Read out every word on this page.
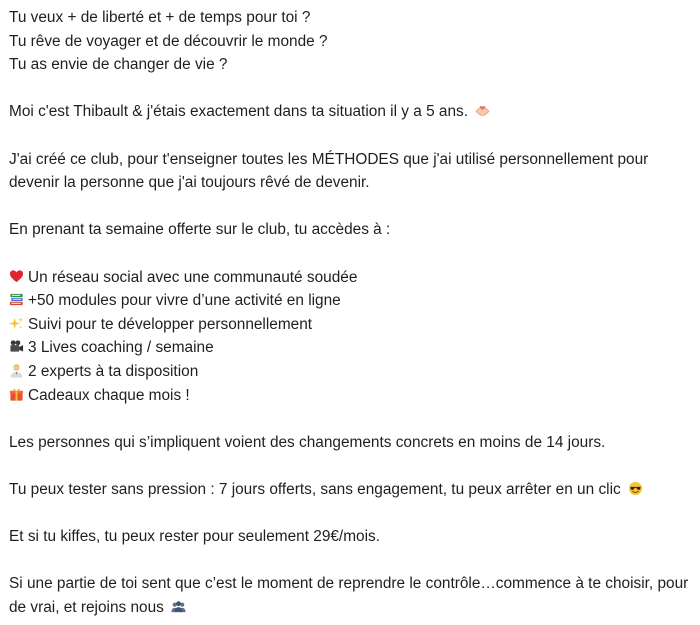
Tu veux + de liberté et + de temps pour toi ?
Tu rêve de voyager et de découvrir le monde ?
Tu as envie de changer de vie ?
Moi c'est Thibault & j'étais exactement dans ta situation il y a 5 ans.
J'ai créé ce club, pour t'enseigner toutes les MÉTHODES que j'ai utilisé personnellement pour
devenir la personne que j'ai toujours rêvé de devenir.
En prenant ta semaine offerte sur le club, tu accèdes à :
Un réseau social avec une communauté soudée
+50 modules pour vivre d’une activité en ligne
Suivi pour te développer personnellement
3 Lives coaching / semaine
2 experts à ta disposition
Cadeaux chaque mois !
Les personnes qui s’impliquent voient des changements concrets en moins de 14 jours.
Tu peux tester sans pression : 7 jours offerts, sans engagement, tu peux arrêter en un clic
Et si tu kiffes, tu peux rester pour seulement 29€/mois.
Si une partie de toi sent que c’est le moment de reprendre le contrôle…commence à te choisir, pour
de vrai, et rejoins nous
